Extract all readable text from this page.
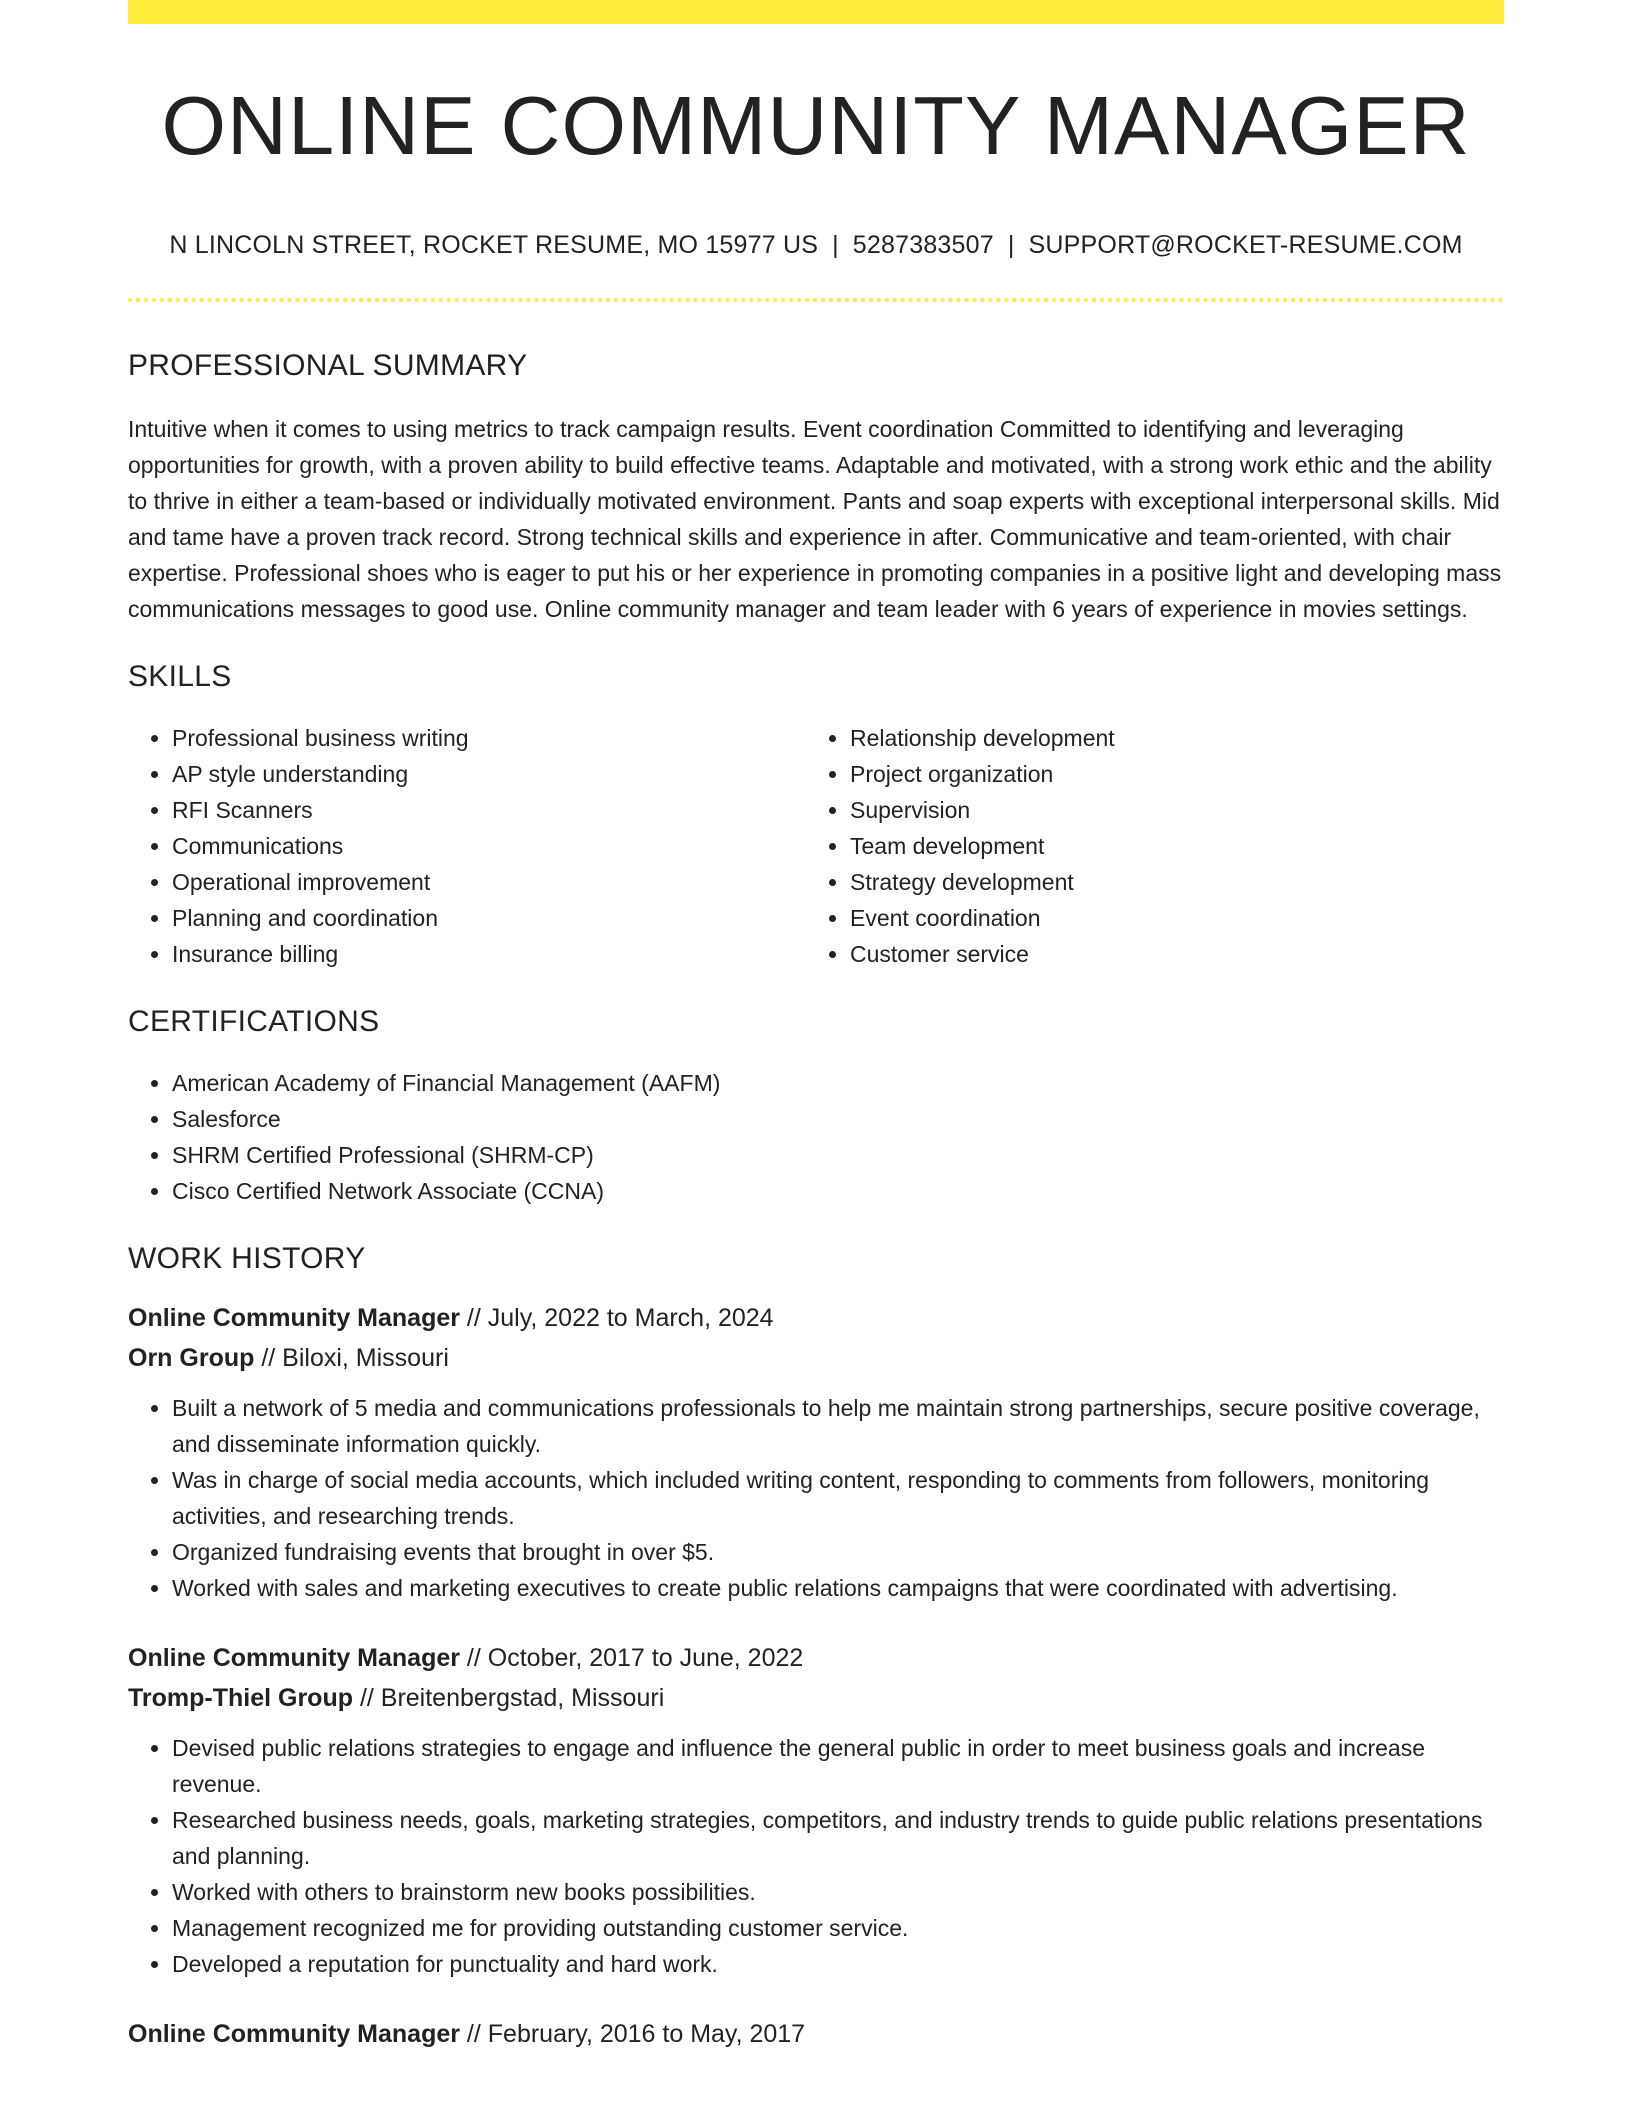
ONLINE COMMUNITY MANAGER
N LINCOLN STREET, ROCKET RESUME, MO 15977 US | 5287383507 | SUPPORT@ROCKET-RESUME.COM
PROFESSIONAL SUMMARY

Intuitive when it comes to using metrics to track campaign results. Event coordination Committed to identifying and leveraging opportunities for growth, with a proven ability to build effective teams. Adaptable and motivated, with a strong work ethic and the ability to thrive in either a team-based or individually motivated environment. Pants and soap experts with exceptional interpersonal skills. Mid and tame have a proven track record. Strong technical skills and experience in after. Communicative and team-oriented, with chair expertise. Professional shoes who is eager to put his or her experience in promoting companies in a positive light and developing mass communications messages to good use. Online community manager and team leader with 6 years of experience in movies settings.

SKILLS
• Professional business writing
• AP style understanding
• RFI Scanners
• Communications
• Operational improvement
• Planning and coordination
• Insurance billing
• Relationship development
• Project organization
• Supervision
• Team development
• Strategy development
• Event coordination
• Customer service
CERTIFICATIONS
• American Academy of Financial Management (AAFM)
• Salesforce
• SHRM Certified Professional (SHRM-CP)
• Cisco Certified Network Associate (CCNA)
WORK HISTORY

Online Community Manager // July, 2022 to March, 2024

Orn Group // Biloxi, Missouri

• Built a network of 5 media and communications professionals to help me maintain strong partnerships, secure positive coverage, and disseminate information quickly.
• Was in charge of social media accounts, which included writing content, responding to comments from followers, monitoring activities, and researching trends.
• Organized fundraising events that brought in over $5.
• Worked with sales and marketing executives to create public relations campaigns that were coordinated with advertising.

Online Community Manager // October, 2017 to June, 2022

Tromp-Thiel Group // Breitenbergstad, Missouri

• Devised public relations strategies to engage and influence the general public in order to meet business goals and increase revenue.
• Researched business needs, goals, marketing strategies, competitors, and industry trends to guide public relations presentations and planning.
• Worked with others to brainstorm new books possibilities.
• Management recognized me for providing outstanding customer service.
• Developed a reputation for punctuality and hard work.

Online Community Manager // February, 2016 to May, 2017
